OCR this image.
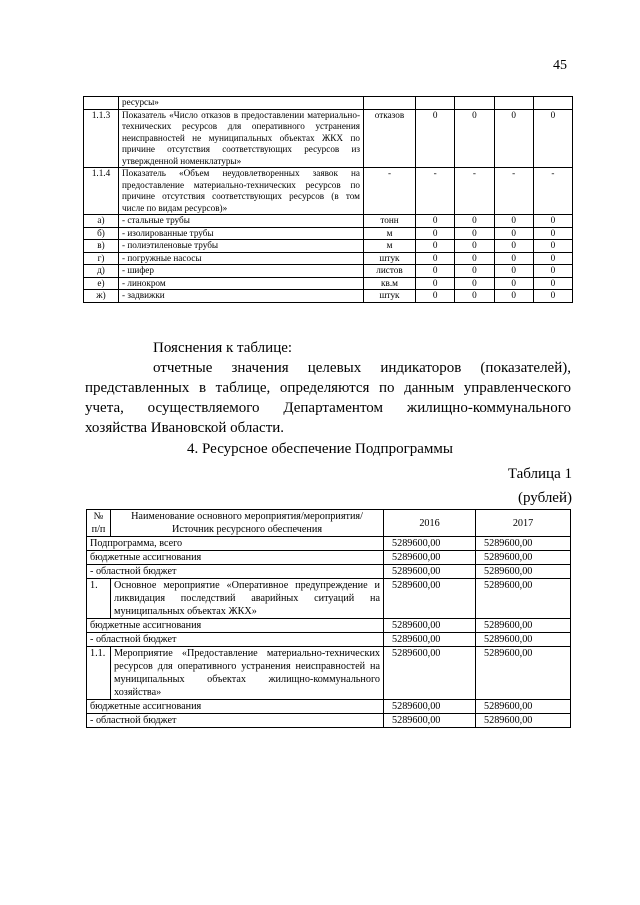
45
	ресурсы»					
1.1.3	Показатель «Число отказов в предоставлении материально-технических ресурсов для оперативного устранения неисправностей не муниципальных объектах ЖКХ по причине отсутствия соответствующих ресурсов из утвержденной номенклатуры»	отказов	0	0	0	0
1.1.4	Показатель «Объем неудовлетворенных заявок на предоставление материально-технических ресурсов по причине отсутствия соответствующих ресурсов (в том числе по видам ресурсов)»	-	-	-	-	-
а)	- стальные трубы	тонн	0	0	0	0
б)	- изолированные трубы	м	0	0	0	0
в)	- полиэтиленовые трубы	м	0	0	0	0
г)	- погружные насосы	штук	0	0	0	0
д)	- шифер	листов	0	0	0	0
е)	- линокром	кв.м	0	0	0	0
ж)	- задвижки	штук	0	0	0	0
Пояснения к таблице:
отчетные значения целевых индикаторов (показателей), представленных в таблице, определяются по данным управленческого учета, осуществляемого Департаментом жилищно-коммунального хозяйства Ивановской области.
4. Ресурсное обеспечение Подпрограммы
Таблица 1
(рублей)
№ п/п	Наименование основного мероприятия/мероприятия/Источник ресурсного обеспечения	2016	2017
Подпрограмма, всего		5289600,00	5289600,00
бюджетные ассигнования		5289600,00	5289600,00
- областной бюджет		5289600,00	5289600,00
1.	Основное мероприятие «Оперативное предупреждение и ликвидация последствий аварийных ситуаций на муниципальных объектах ЖКХ»	5289600,00	5289600,00
бюджетные ассигнования		5289600,00	5289600,00
- областной бюджет		5289600,00	5289600,00
1.1.	Мероприятие «Предоставление материально-технических ресурсов для оперативного устранения неисправностей на муниципальных объектах жилищно-коммунального хозяйства»	5289600,00	5289600,00
бюджетные ассигнования		5289600,00	5289600,00
- областной бюджет		5289600,00	5289600,00
